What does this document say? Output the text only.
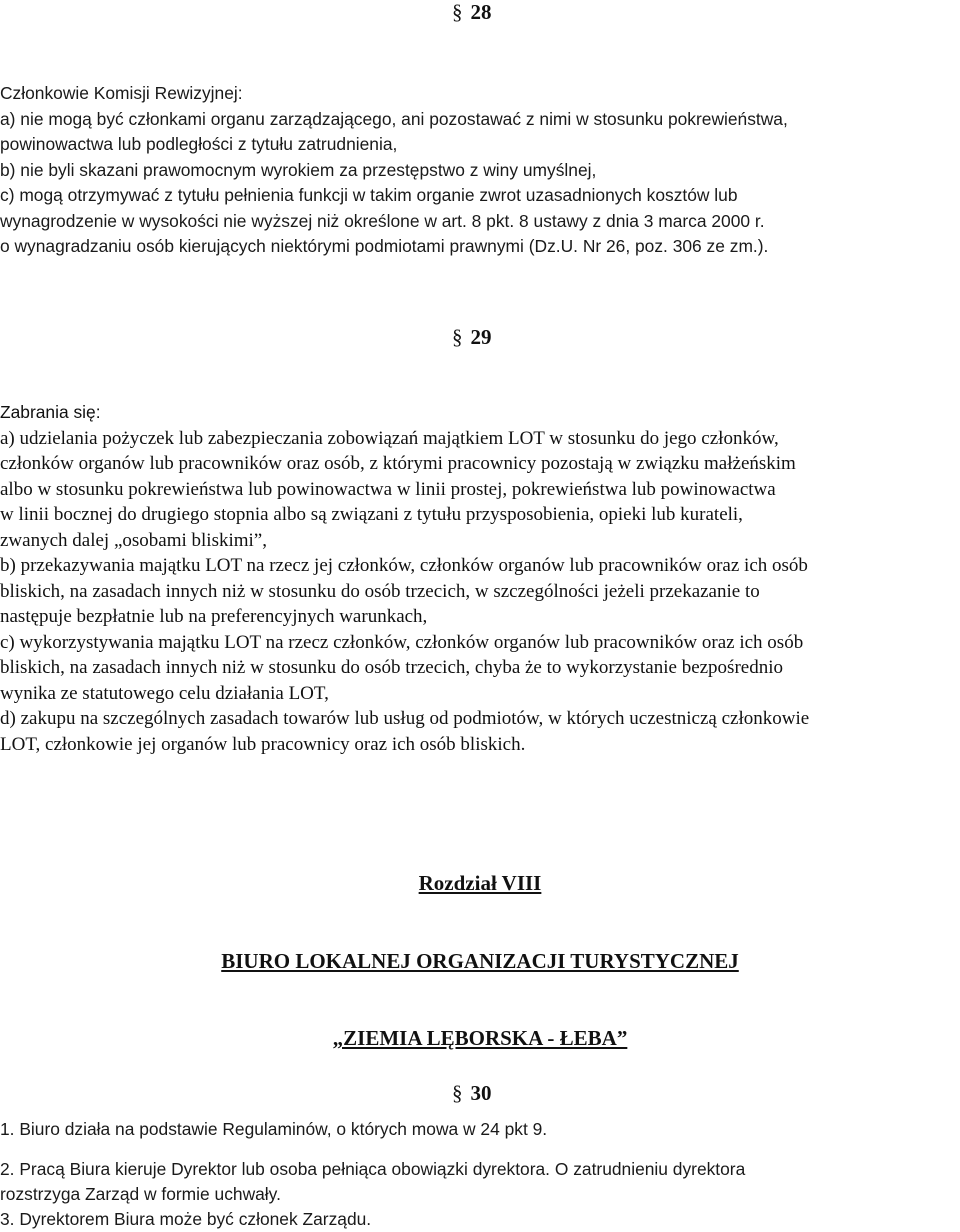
§ 28
Członkowie Komisji Rewizyjnej:
a) nie mogą być członkami organu zarządzającego, ani pozostawać z nimi w stosunku pokrewieństwa,
powinowactwa lub podległości z tytułu zatrudnienia,
b) nie byli skazani prawomocnym wyrokiem za przestępstwo z winy umyślnej,
c) mogą otrzymywać z tytułu pełnienia funkcji w takim organie zwrot uzasadnionych kosztów lub
wynagrodzenie w wysokości nie wyższej niż określone w art. 8 pkt. 8 ustawy z dnia 3 marca 2000 r.
o wynagradzaniu osób kierujących niektórymi podmiotami prawnymi (Dz.U. Nr 26, poz. 306 ze zm.).
§ 29
Zabrania się:
a) udzielania pożyczek lub zabezpieczania zobowiązań majątkiem LOT w stosunku do jego członków,
członków organów lub pracowników oraz osób, z którymi pracownicy pozostają w związku małżeńskim
albo w stosunku pokrewieństwa lub powinowactwa w linii prostej, pokrewieństwa lub powinowactwa
w linii bocznej do drugiego stopnia albo są związani z tytułu przysposobienia, opieki lub kurateli,
zwanych dalej „osobami bliskimi”,
b) przekazywania majątku LOT na rzecz jej członków, członków organów lub pracowników oraz ich osób
bliskich, na zasadach innych niż w stosunku do osób trzecich, w szczególności jeżeli przekazanie to
następuje bezpłatnie lub na preferencyjnych warunkach,
c) wykorzystywania majątku LOT na rzecz członków, członków organów lub pracowników oraz ich osób
bliskich, na zasadach innych niż w stosunku do osób trzecich, chyba że to wykorzystanie bezpośrednio
wynika ze statutowego celu działania LOT,
d) zakupu na szczególnych zasadach towarów lub usług od podmiotów, w których uczestniczą członkowie
LOT, członkowie jej organów lub pracownicy oraz ich osób bliskich.
Rozdział VIII
BIURO LOKALNEJ ORGANIZACJI TURYSTYCZNEJ
„ZIEMIA LĘBORSKA - ŁEBA”
§ 30
1. Biuro działa na podstawie Regulaminów, o których mowa w 24 pkt 9.
2. Pracą Biura kieruje Dyrektor lub osoba pełniąca obowiązki dyrektora. O zatrudnieniu dyrektora
rozstrzyga Zarząd w formie uchwały.
3. Dyrektorem Biura może być członek Zarządu.
